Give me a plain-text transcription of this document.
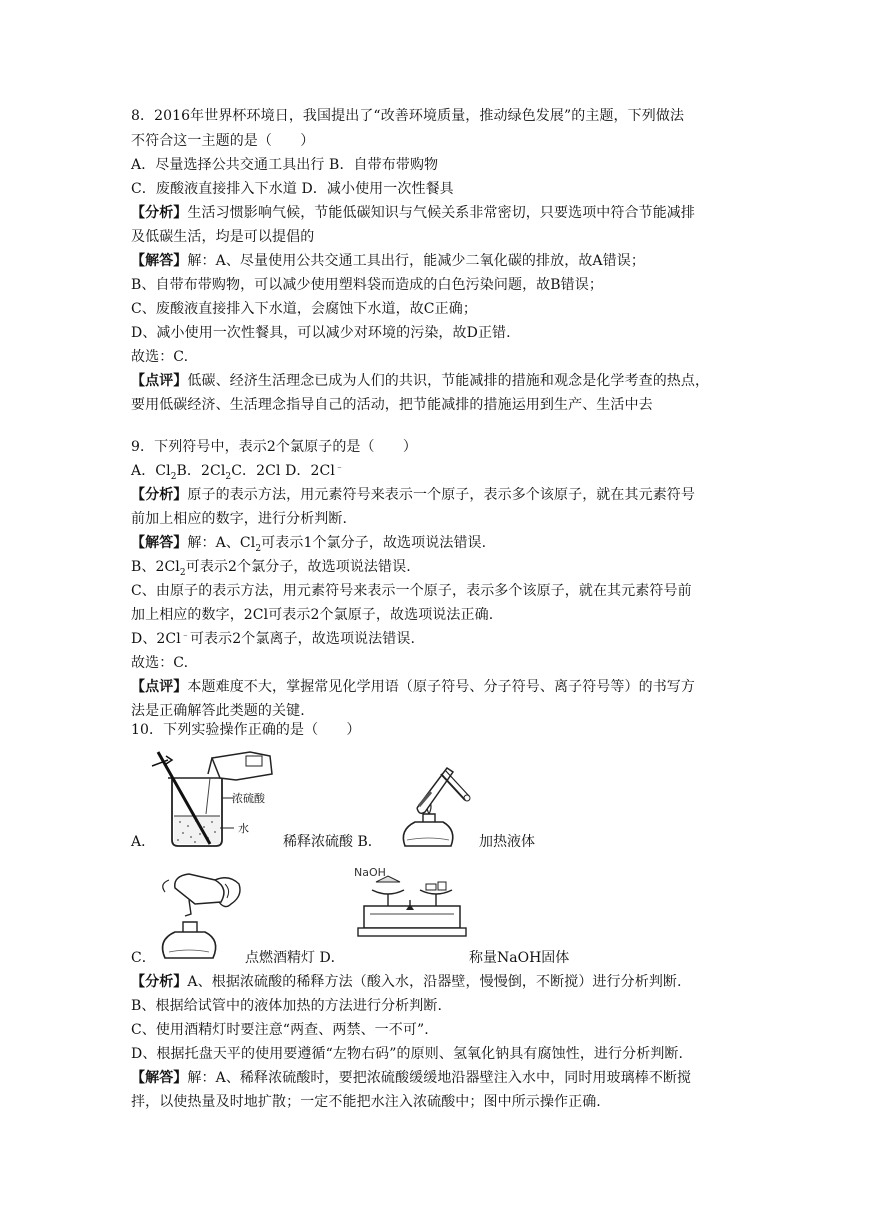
8．2016年世界杯环境日，我国提出了“改善环境质量，推动绿色发展”的主题，下列做法
不符合这一主题的是（　　）
A．尽量选择公共交通工具出行 B．自带布带购物
C．废酸液直接排入下水道 D．减小使用一次性餐具
【分析】生活习惯影响气候，节能低碳知识与气候关系非常密切，只要选项中符合节能减排
及低碳生活，均是可以提倡的
【解答】解：A、尽量使用公共交通工具出行，能减少二氧化碳的排放，故A错误；
B、自带布带购物，可以减少使用塑料袋而造成的白色污染问题，故B错误；
C、废酸液直接排入下水道，会腐蚀下水道，故C正确；
D、减小使用一次性餐具，可以减少对环境的污染，故D正错.
故选：C.
【点评】低碳、经济生活理念已成为人们的共识，节能减排的措施和观念是化学考查的热点，
要用低碳经济、生活理念指导自己的活动，把节能减排的措施运用到生产、生活中去
9．下列符号中，表示2个氯原子的是（　　）
A．$Cl_2B$．$2Cl_2C$．2Cl D．2Cl﹣
【分析】原子的表示方法，用元素符号来表示一个原子，表示多个该原子，就在其元素符号
前加上相应的数字，进行分析判断.
【解答】解：A、$Cl_2$可表示1个氯分子，故选项说法错误.
B、$2Cl_2$可表示2个氯分子，故选项说法错误.
C、由原子的表示方法，用元素符号来表示一个原子，表示多个该原子，就在其元素符号前
加上相应的数字，2Cl可表示2个氯原子，故选项说法正确.
D、2Cl﹣可表示2个氯离子，故选项说法错误.
故选：C.
【点评】本题难度不大，掌握常见化学用语（原子符号、分子符号、离子符号等）的书写方
法是正确解答此类题的关键.
10．下列实验操作正确的是（　　）
浓硫酸
水
A．	稀释浓硫酸 B．	加热液体
C．	点燃酒精灯 D．
NaOH
称量NaOH固体
【分析】A、根据浓硫酸的稀释方法（酸入水，沿器壁，慢慢倒，不断搅）进行分析判断.
B、根据给试管中的液体加热的方法进行分析判断.
C、使用酒精灯时要注意“两查、两禁、一不可”.
D、根据托盘天平的使用要遵循“左物右码”的原则、氢氧化钠具有腐蚀性，进行分析判断.
【解答】解：A、稀释浓硫酸时，要把浓硫酸缓缓地沿器壁注入水中，同时用玻璃棒不断搅
拌，以使热量及时地扩散；一定不能把水注入浓硫酸中；图中所示操作正确.
